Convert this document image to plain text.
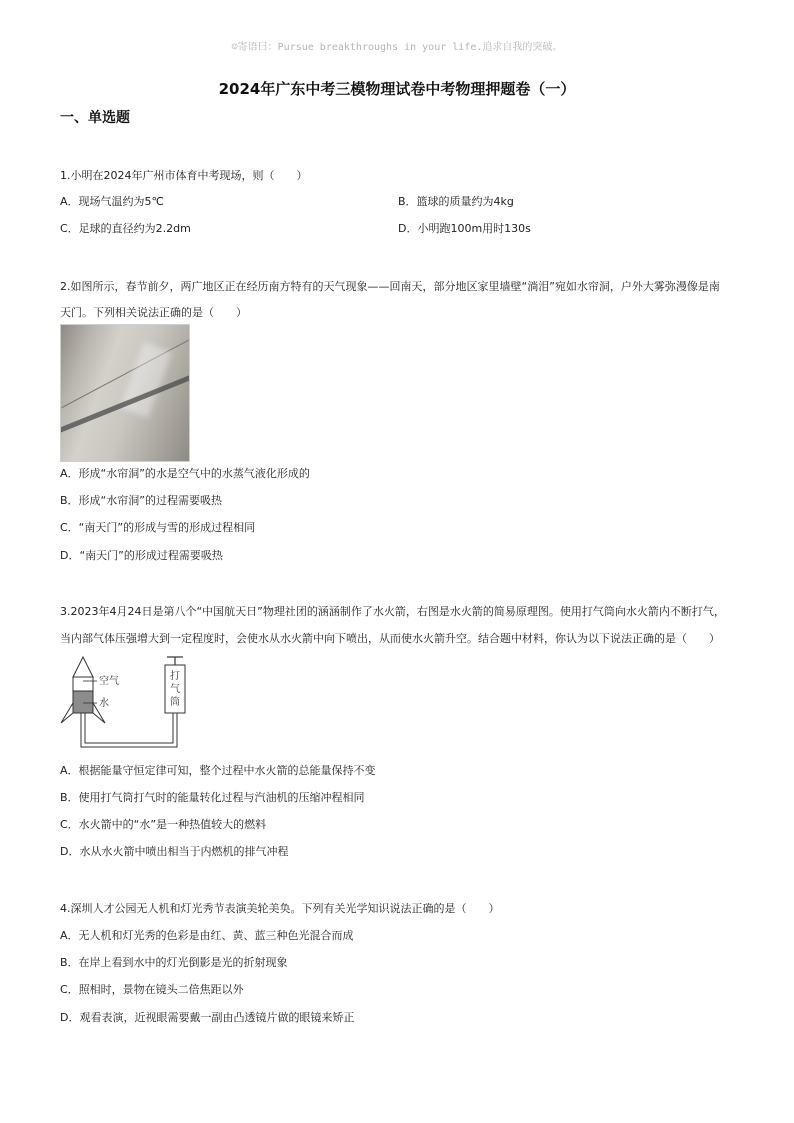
☺寄语曰：Pursue breakthroughs in your life.追求自我的突破。
2024年广东中考三模物理试卷中考物理押题卷（一）
一、单选题
1.小明在2024年广州市体育中考现场，则（　　）
A．现场气温约为5℃	B．篮球的质量约为4kg
C．足球的直径约为2.2dm	D．小明跑100m用时130s
2.如图所示，春节前夕，两广地区正在经历南方特有的天气现象——回南天，部分地区家里墙壁“淌泪”宛如水帘洞，户外大雾弥漫像是南
天门。下列相关说法正确的是（　　）
A．形成“水帘洞”的水是空气中的水蒸气液化形成的
B．形成“水帘洞”的过程需要吸热
C．“南天门”的形成与雪的形成过程相同
D．“南天门”的形成过程需要吸热
3.2023年4月24日是第八个“中国航天日”物理社团的涵涵制作了水火箭，右图是水火箭的简易原理图。使用打气筒向水火箭内不断打气，
当内部气体压强增大到一定程度时，会使水从水火箭中向下喷出，从而使水火箭升空。结合题中材料，你认为以下说法正确的是（　　）
空气
水
打
气
筒
A．根据能量守恒定律可知，整个过程中水火箭的总能量保持不变
B．使用打气筒打气时的能量转化过程与汽油机的压缩冲程相同
C．水火箭中的“水”是一种热值较大的燃料
D．水从水火箭中喷出相当于内燃机的排气冲程
4.深圳人才公园无人机和灯光秀节表演美轮美奂。下列有关光学知识说法正确的是（　　）
A．无人机和灯光秀的色彩是由红、黄、蓝三种色光混合而成
B．在岸上看到水中的灯光倒影是光的折射现象
C．照相时，景物在镜头二倍焦距以外
D．观看表演，近视眼需要戴一副由凸透镜片做的眼镜来矫正
